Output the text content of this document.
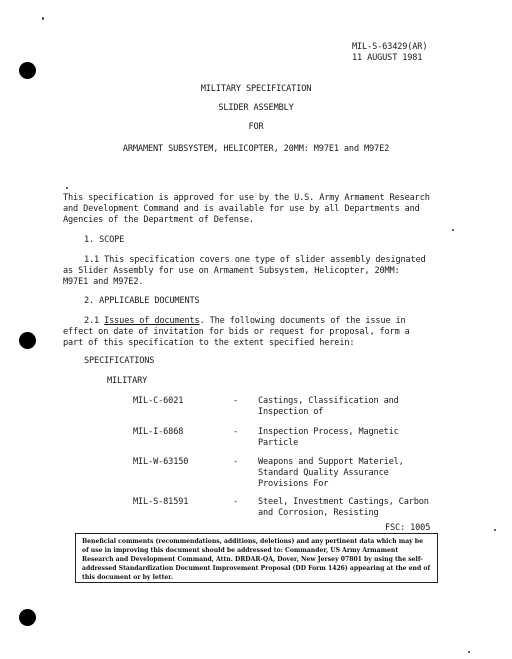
MIL-S-63429(AR)
11 AUGUST 1981
MILITARY SPECIFICATION
SLIDER ASSEMBLY
FOR
ARMAMENT SUBSYSTEM, HELICOPTER, 20MM: M97E1 and M97E2
This specification is approved for use by the U.S. Army Armament Research
and Development Command and is available for use by all Departments and
Agencies of the Department of Defense.
1. SCOPE
1.1 This specification covers one type of slider assembly designated
as Slider Assembly for use on Armament Subsystem, Helicopter, 20MM:
M97E1 and M97E2.
2. APPLICABLE DOCUMENTS
2.1 Issues of documents. The following documents of the issue in
effect on date of invitation for bids or request for proposal, form a
part of this specification to the extent specified herein:
SPECIFICATIONS
MILITARY
MIL-C-6021	- Castings, Classification and
Inspection of
MIL-I-6868	- Inspection Process, Magnetic
Particle
MIL-W-63150	- Weapons and Support Materiel,
Standard Quality Assurance
Provisions For
MIL-S-81591	- Steel, Investment Castings, Carbon
and Corrosion, Resisting
FSC: 1005
Beneficial comments (recommendations, additions, deletions) and any pertinent data which may be of use in improving this document should be addressed to: Commander, US Army Armament Research and Development Command, Attn. DRDAR-QA, Dover, New Jersey 07801 by using the self-addressed Standardization Document Improvement Proposal (DD Form 1426) appearing at the end of this document or by letter.
